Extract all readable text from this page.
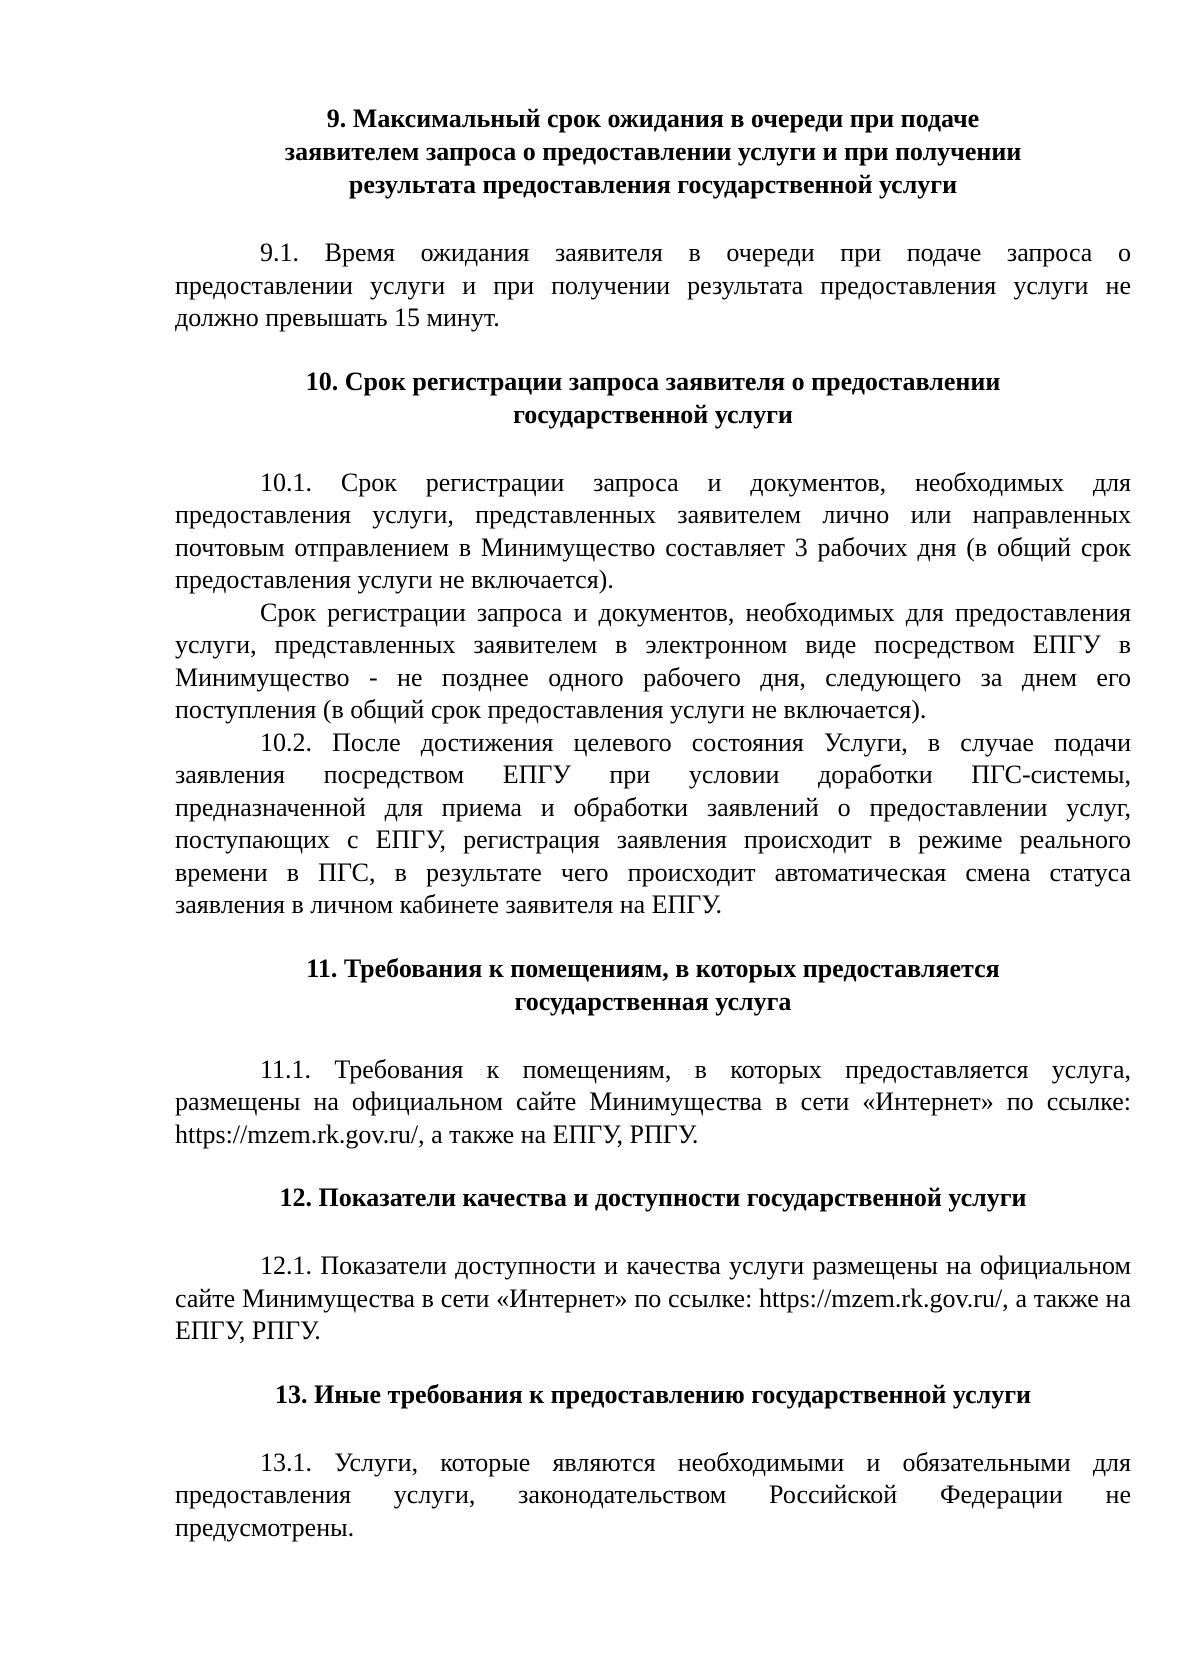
9. Максимальный срок ожидания в очереди при подаче
заявителем запроса о предоставлении услуги и при получении
результата предоставления государственной услуги

9.1. Время ожидания заявителя в очереди при подаче запроса о предоставлении услуги и при получении результата предоставления услуги не должно превышать 15 минут.

10. Срок регистрации запроса заявителя о предоставлении
государственной услуги

10.1. Срок регистрации запроса и документов, необходимых для предоставления услуги, представленных заявителем лично или направленных почтовым отправлением в Минимущество составляет 3 рабочих дня (в общий срок предоставления услуги не включается).

Срок регистрации запроса и документов, необходимых для предоставления услуги, представленных заявителем в электронном виде посредством ЕПГУ в Минимущество - не позднее одного рабочего дня, следующего за днем его поступления (в общий срок предоставления услуги не включается).

10.2. После достижения целевого состояния Услуги, в случае подачи заявления посредством ЕПГУ при условии доработки ПГС-системы, предназначенной для приема и обработки заявлений о предоставлении услуг, поступающих с ЕПГУ, регистрация заявления происходит в режиме реального времени в ПГС, в результате чего происходит автоматическая смена статуса заявления в личном кабинете заявителя на ЕПГУ.

11. Требования к помещениям, в которых предоставляется
государственная услуга

11.1. Требования к помещениям, в которых предоставляется услуга, размещены на официальном сайте Минимущества в сети «Интернет» по ссылке: https://mzem.rk.gov.ru/, а также на ЕПГУ, РПГУ.

12. Показатели качества и доступности государственной услуги

12.1. Показатели доступности и качества услуги размещены на официальном сайте Минимущества в сети «Интернет» по ссылке: https://mzem.rk.gov.ru/, а также на ЕПГУ, РПГУ.

13. Иные требования к предоставлению государственной услуги

13.1. Услуги, которые являются необходимыми и обязательными для предоставления услуги, законодательством Российской Федерации не предусмотрены.
